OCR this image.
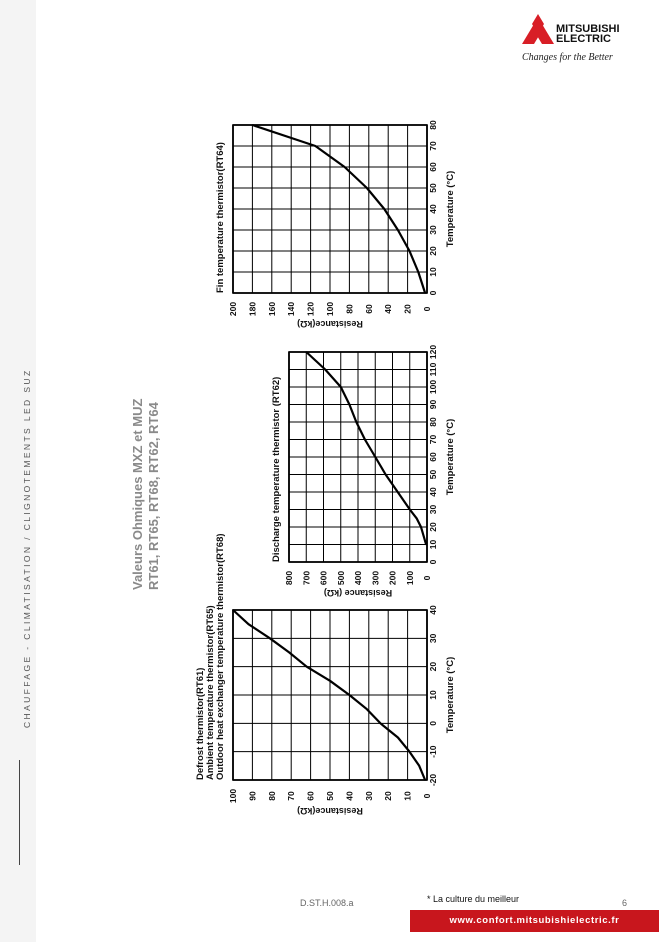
CHAUFFAGE - CLIMATISATION / CLIGNOTEMENTS LED SUZ
MITSUBISHI
ELECTRIC
Changes for the Better
Valeurs Ohmiques MXZ et MUZ RT61, RT65, RT68, RT62, RT64
0
10
20
30
40
50
60
70
80
90
100
-20
-10
0
10
20
30
40
Temperature (°C)
Resistance(kΩ)
Defrost thermistor(RT61) Ambient temperature thermistor(RT65) Outdoor heat exchanger temperature thermistor(RT68)	0
100
200
300
400
500
600
700
800
0
10
20
30
40
50
60
70
80
90
100
110
120
Temperature (°C)
Resistance (kΩ)
Discharge temperature thermistor (RT62)
0
20
40
60
80
100
120
140
160
180
200
0
10
20
30
40
50
60
70
80
Temperature (°C)
Resistance(kΩ)
Fin temperature thermistor(RT64)
* La culture du meilleur
D.ST.H.008.a	6
www.confort.mitsubishielectric.fr
